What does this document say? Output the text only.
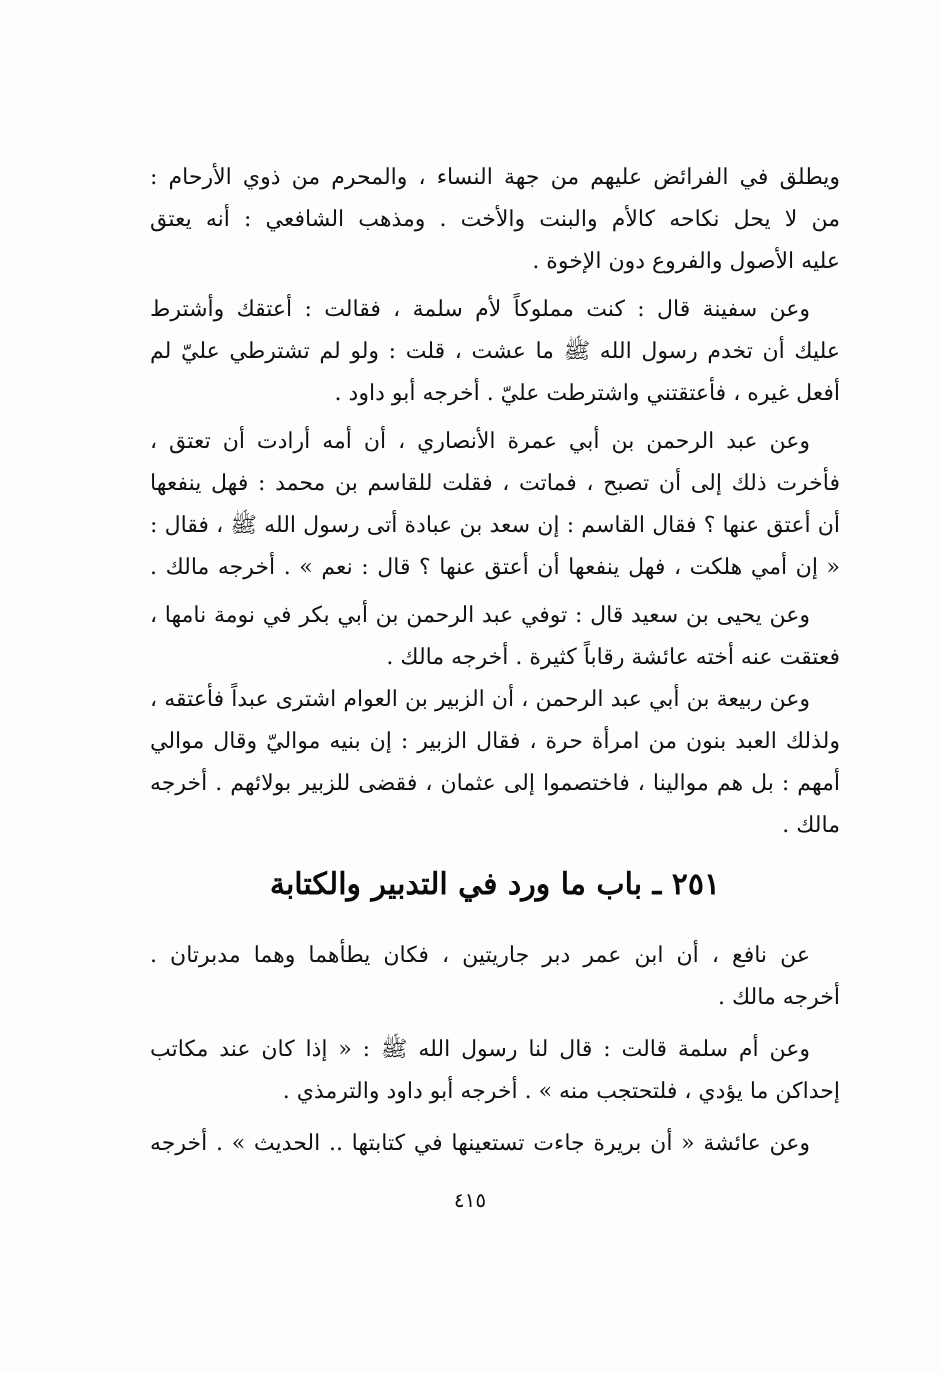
ويطلق في الفرائض عليهم من جهة النساء ، والمحرم من ذوي الأرحام :
من لا يحل نكاحه كالأم والبنت والأخت . ومذهب الشافعي : أنه يعتق
عليه الأصول والفروع دون الإخوة .
وعن سفينة قال : كنت مملوكاً لأم سلمة ، فقالت : أعتقك وأشترط
عليك أن تخدم رسول الله ﷺ ما عشت ، قلت : ولو لم تشترطي عليّ لم
أفعل غيره ، فأعتقتني واشترطت عليّ . أخرجه أبو داود .
وعن عبد الرحمن بن أبي عمرة الأنصاري ، أن أمه أرادت أن تعتق ،
فأخرت ذلك إلى أن تصبح ، فماتت ، فقلت للقاسم بن محمد : فهل ينفعها
أن أعتق عنها ؟ فقال القاسم : إن سعد بن عبادة أتى رسول الله ﷺ ، فقال :
« إن أمي هلكت ، فهل ينفعها أن أعتق عنها ؟ قال : نعم » . أخرجه مالك .
وعن يحيى بن سعيد قال : توفي عبد الرحمن بن أبي بكر في نومة نامها ،
فعتقت عنه أخته عائشة رقاباً كثيرة . أخرجه مالك .
وعن ربيعة بن أبي عبد الرحمن ، أن الزبير بن العوام اشترى عبداً فأعتقه ،
ولذلك العبد بنون من امرأة حرة ، فقال الزبير : إن بنيه مواليّ وقال موالي
أمهم : بل هم موالينا ، فاختصموا إلى عثمان ، فقضى للزبير بولائهم . أخرجه
مالك .
٢٥١ ـ باب ما ورد في التدبير والكتابة
عن نافع ، أن ابن عمر دبر جاريتين ، فكان يطأهما وهما مدبرتان .
أخرجه مالك .
وعن أم سلمة قالت : قال لنا رسول الله ﷺ : « إذا كان عند مكاتب
إحداكن ما يؤدي ، فلتحتجب منه » . أخرجه أبو داود والترمذي .
وعن عائشة « أن بريرة جاءت تستعينها في كتابتها .. الحديث » . أخرجه
٤١٥
